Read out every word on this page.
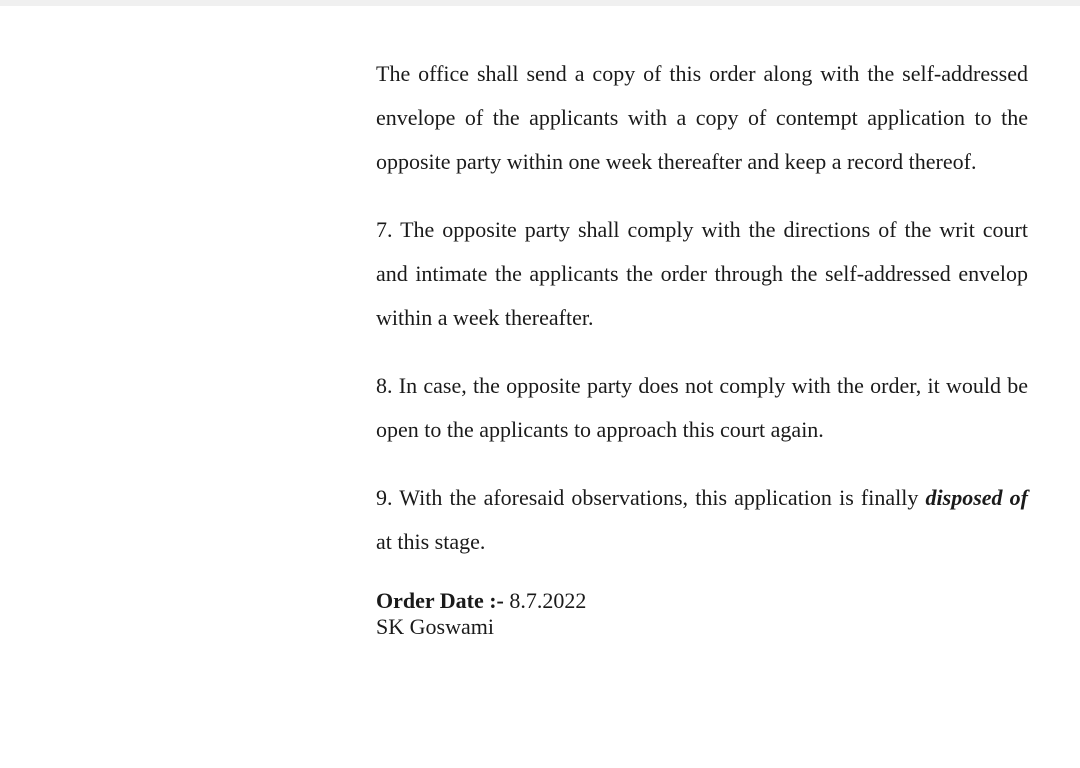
The office shall send a copy of this order along with the self-addressed envelope of the applicants with a copy of contempt application to the opposite party within one week thereafter and keep a record thereof.

7. The opposite party shall comply with the directions of the writ court and intimate the applicants the order through the self-addressed envelop within a week thereafter.

8. In case, the opposite party does not comply with the order, it would be open to the applicants to approach this court again.

9. With the aforesaid observations, this application is finally disposed of at this stage.

Order Date :- 8.7.2022
SK Goswami
